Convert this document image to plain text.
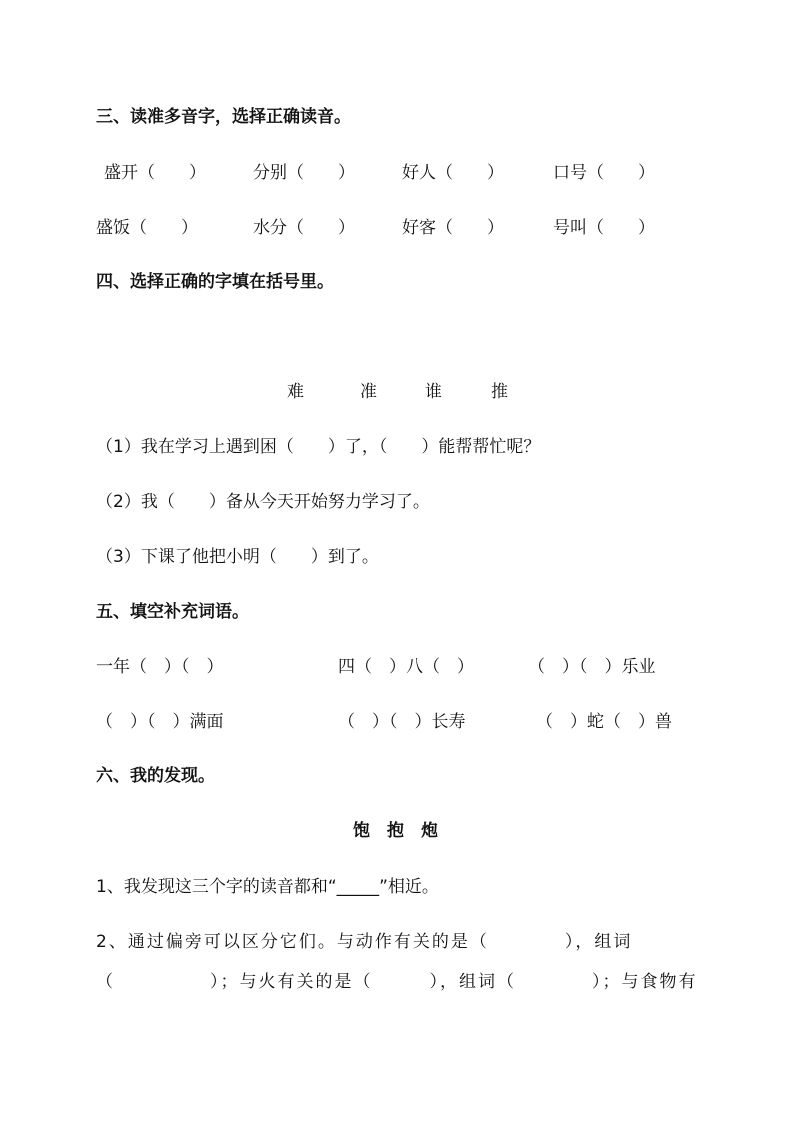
三、读准多音字，选择正确读音。
盛开（　　）	分别（　　）	好人（　　）	口号（　　）
盛饭（　　）	水分（　　）	好客（　　）	号叫（　　）
四、选择正确的字填在括号里。
难	准	谁	推
（1）我在学习上遇到困（　　）了，（　　）能帮帮忙呢？
（2）我（　　）备从今天开始努力学习了。
（3）下课了他把小明（　　）到了。
五、填空补充词语。
一年（　）（　）	四（　）八（　）	（　）（　）乐业
（　）（　）满面	（　）（　）长寿	（　）蛇（　）兽
六、我的发现。
饱　抱　炮
1、我发现这三个字的读音都和“_____”相近。
2、通过偏旁可以区分它们。与动作有关的是（　　　　），组词
（　　　　　）；与火有关的是（　　　），组词（　　　　）；与食物有
